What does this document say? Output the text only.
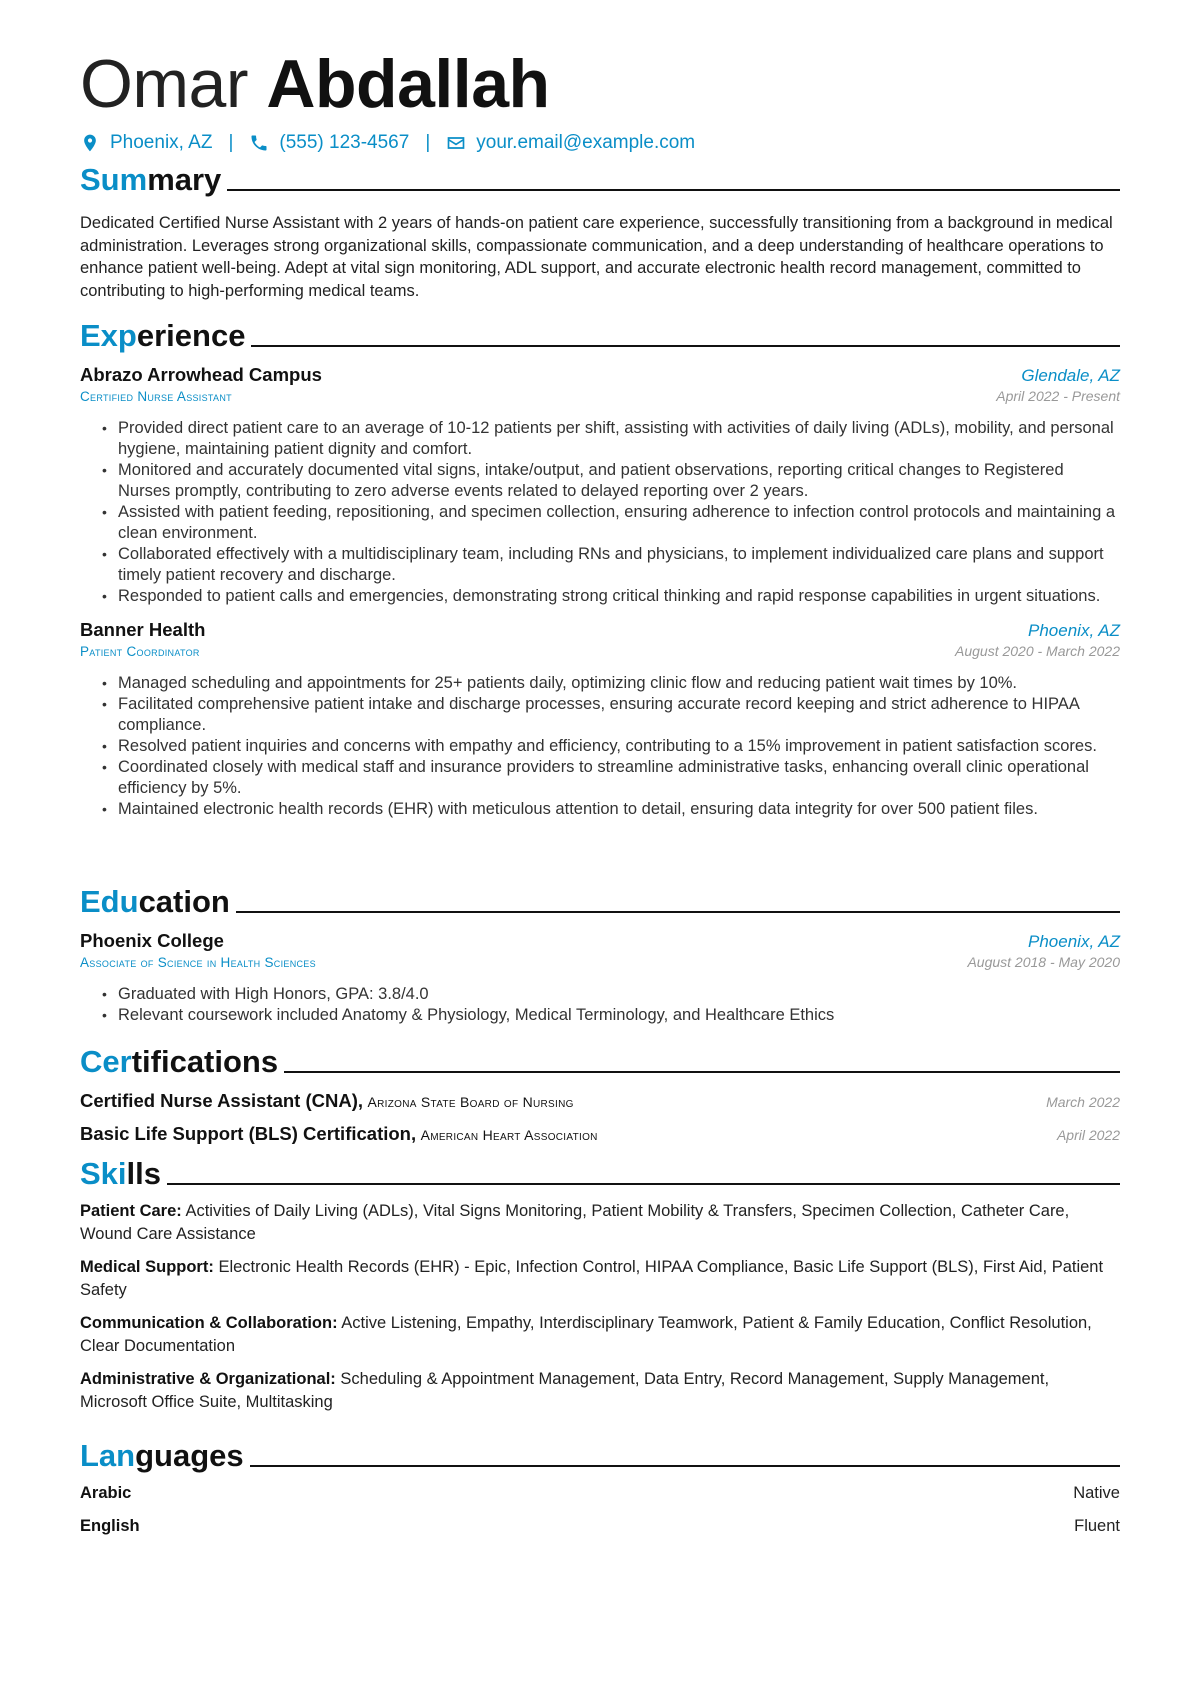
Omar Abdallah
Phoenix, AZ | (555) 123-4567 | your.email@example.com
Summary
Dedicated Certified Nurse Assistant with 2 years of hands-on patient care experience, successfully transitioning from a background in medical administration. Leverages strong organizational skills, compassionate communication, and a deep understanding of healthcare operations to enhance patient well-being. Adept at vital sign monitoring, ADL support, and accurate electronic health record management, committed to contributing to high-performing medical teams.
Experience
Abrazo Arrowhead Campus	Glendale, AZ
Certified Nurse Assistant	April 2022 - Present
• Provided direct patient care to an average of 10-12 patients per shift, assisting with activities of daily living (ADLs), mobility, and personal hygiene, maintaining patient dignity and comfort.
• Monitored and accurately documented vital signs, intake/output, and patient observations, reporting critical changes to Registered Nurses promptly, contributing to zero adverse events related to delayed reporting over 2 years.
• Assisted with patient feeding, repositioning, and specimen collection, ensuring adherence to infection control protocols and maintaining a clean environment.
• Collaborated effectively with a multidisciplinary team, including RNs and physicians, to implement individualized care plans and support timely patient recovery and discharge.
• Responded to patient calls and emergencies, demonstrating strong critical thinking and rapid response capabilities in urgent situations.
Banner Health	Phoenix, AZ
Patient Coordinator	August 2020 - March 2022
• Managed scheduling and appointments for 25+ patients daily, optimizing clinic flow and reducing patient wait times by 10%.
• Facilitated comprehensive patient intake and discharge processes, ensuring accurate record keeping and strict adherence to HIPAA compliance.
• Resolved patient inquiries and concerns with empathy and efficiency, contributing to a 15% improvement in patient satisfaction scores.
• Coordinated closely with medical staff and insurance providers to streamline administrative tasks, enhancing overall clinic operational efficiency by 5%.
• Maintained electronic health records (EHR) with meticulous attention to detail, ensuring data integrity for over 500 patient files.
Education
Phoenix College	Phoenix, AZ
Associate of Science in Health Sciences	August 2018 - May 2020
• Graduated with High Honors, GPA: 3.8/4.0
• Relevant coursework included Anatomy & Physiology, Medical Terminology, and Healthcare Ethics
Certifications
Certified Nurse Assistant (CNA), Arizona State Board of Nursing	March 2022
Basic Life Support (BLS) Certification, American Heart Association	April 2022
Skills
Patient Care: Activities of Daily Living (ADLs), Vital Signs Monitoring, Patient Mobility & Transfers, Specimen Collection, Catheter Care, Wound Care Assistance
Medical Support: Electronic Health Records (EHR) - Epic, Infection Control, HIPAA Compliance, Basic Life Support (BLS), First Aid, Patient Safety
Communication & Collaboration: Active Listening, Empathy, Interdisciplinary Teamwork, Patient & Family Education, Conflict Resolution, Clear Documentation
Administrative & Organizational: Scheduling & Appointment Management, Data Entry, Record Management, Supply Management, Microsoft Office Suite, Multitasking
Languages
Arabic	Native
English	Fluent
